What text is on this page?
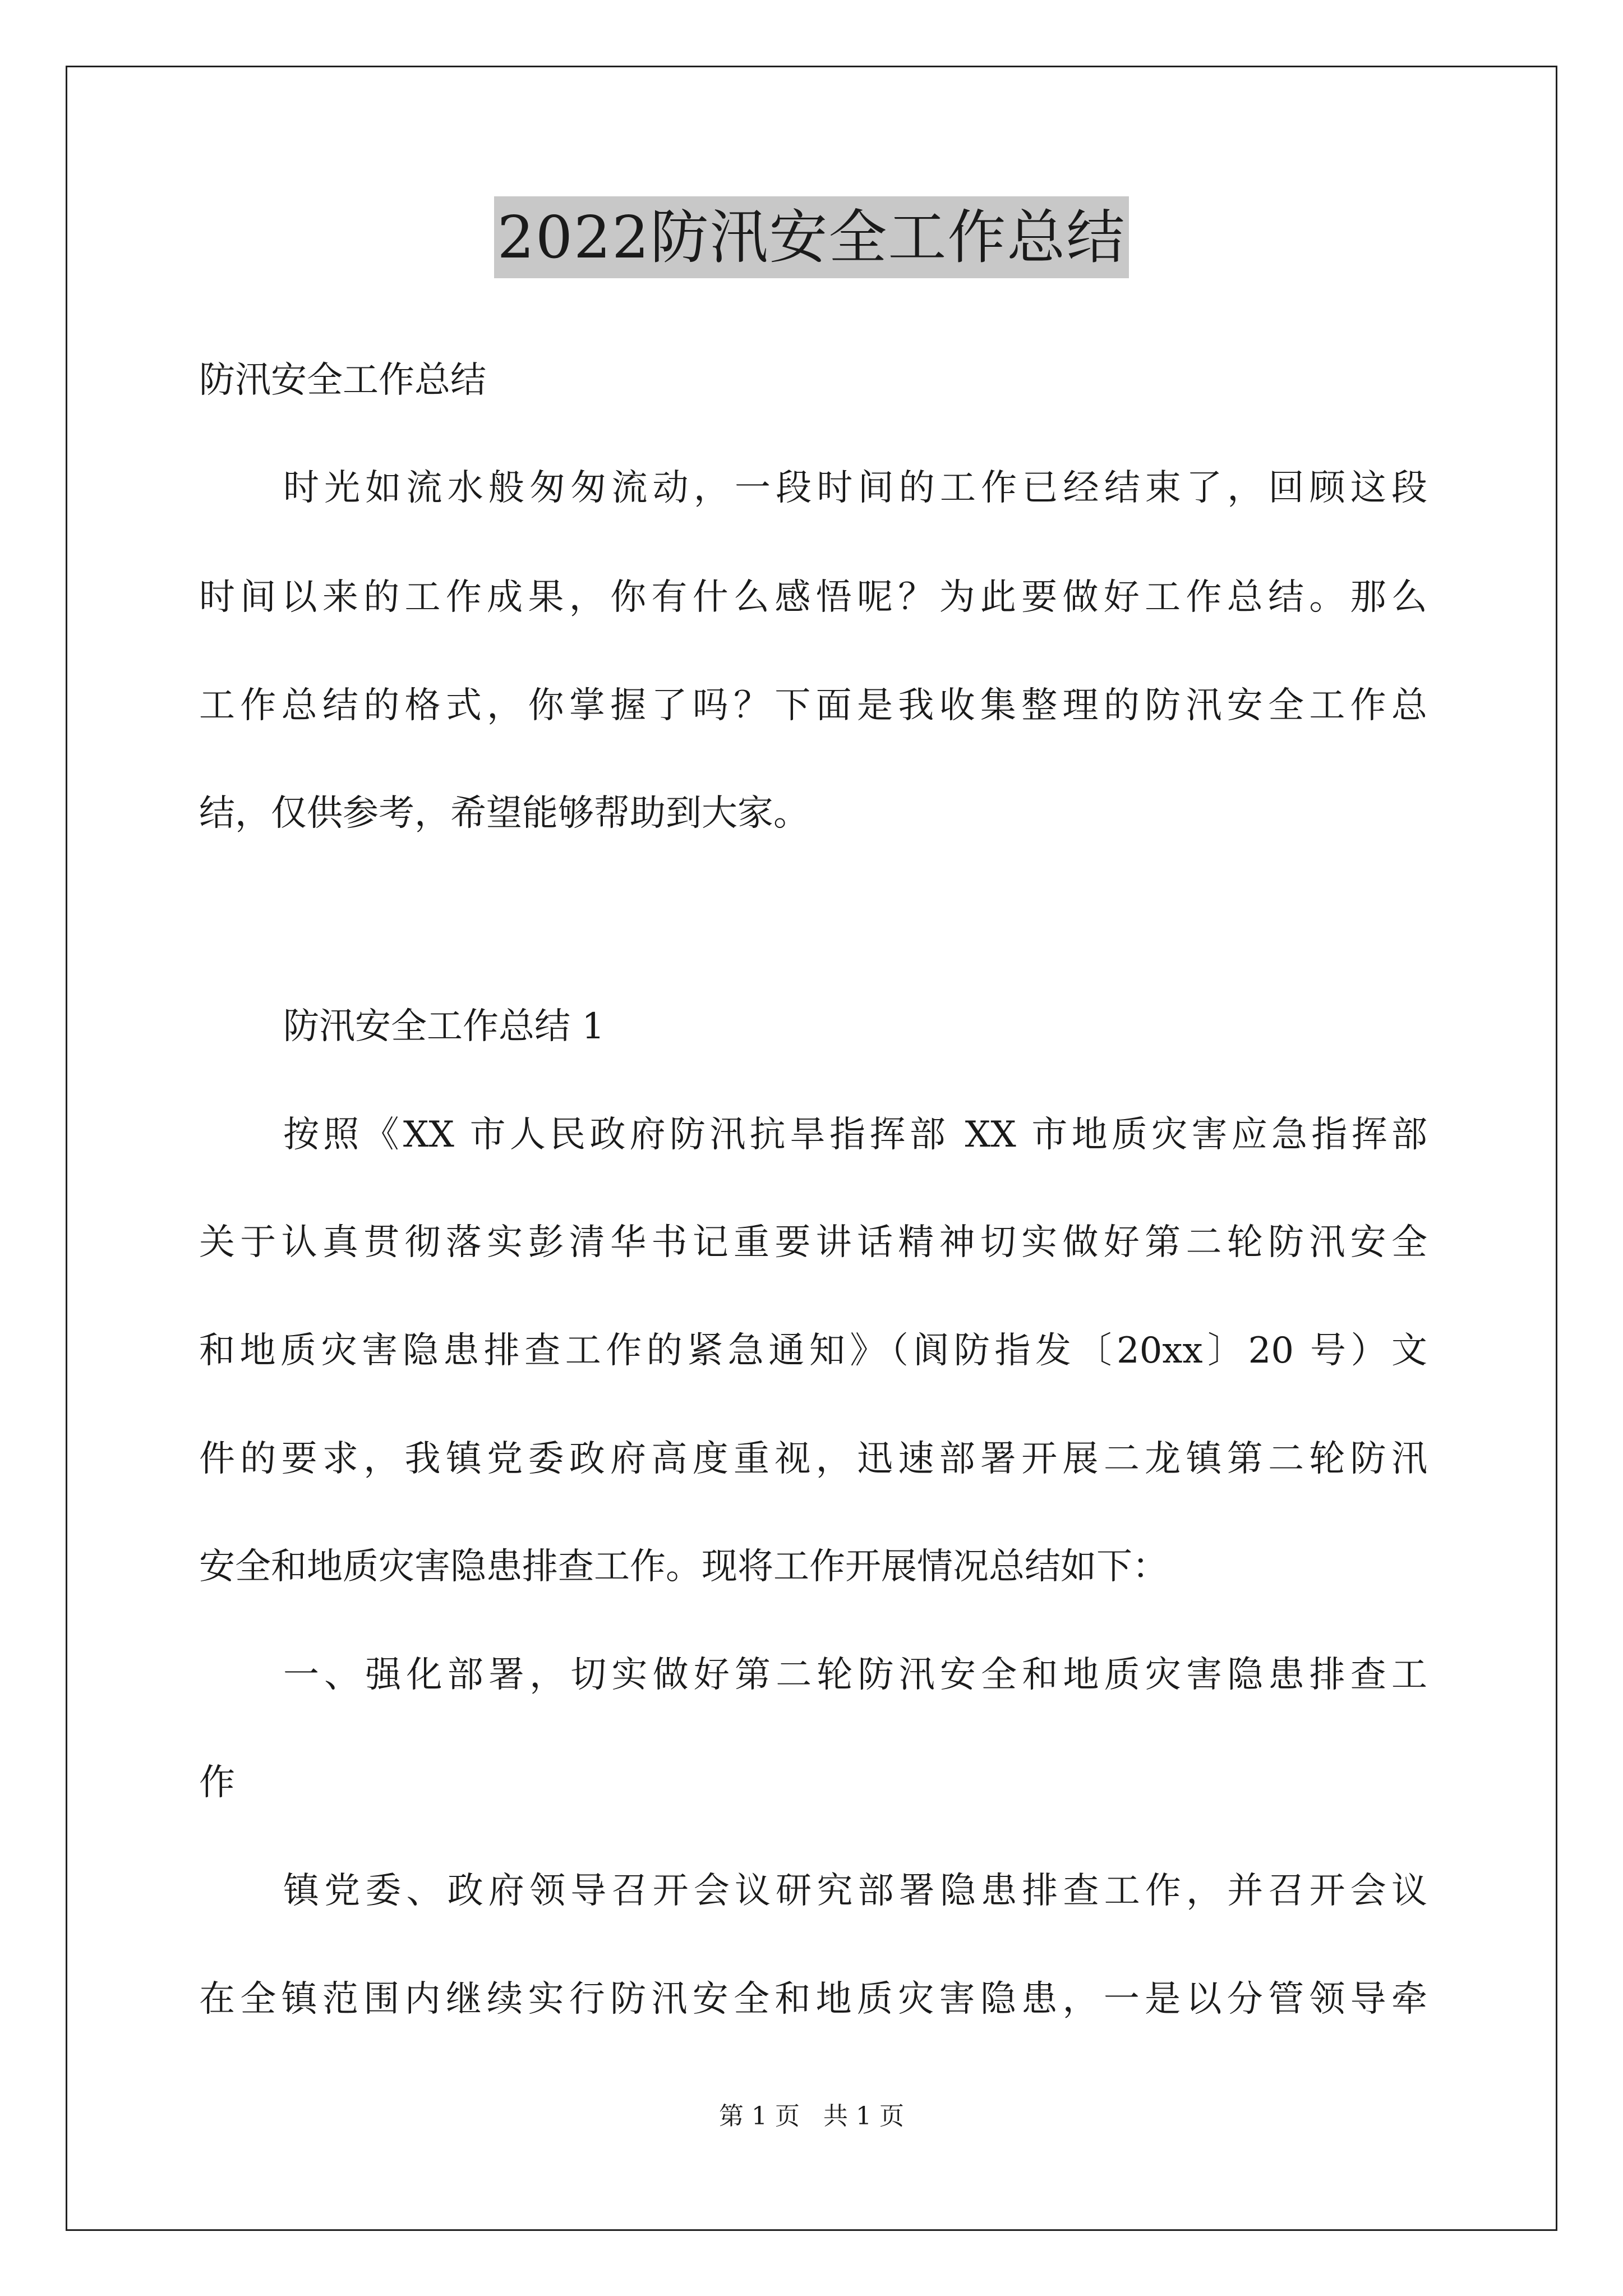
2022防汛安全工作总结
防汛安全工作总结
时光如流水般匆匆流动，一段时间的工作已经结束了，回顾这段
时间以来的工作成果，你有什么感悟呢？为此要做好工作总结。那么
工作总结的格式，你掌握了吗？下面是我收集整理的防汛安全工作总
结，仅供参考，希望能够帮助到大家。
防汛安全工作总结 1
按照《XX 市人民政府防汛抗旱指挥部 XX 市地质灾害应急指挥部
关于认真贯彻落实彭清华书记重要讲话精神切实做好第二轮防汛安全
和地质灾害隐患排查工作的紧急通知》（阆防指发〔20xx〕20 号）文
件的要求，我镇党委政府高度重视，迅速部署开展二龙镇第二轮防汛
安全和地质灾害隐患排查工作。现将工作开展情况总结如下：
一、强化部署，切实做好第二轮防汛安全和地质灾害隐患排查工
作
镇党委、政府领导召开会议研究部署隐患排查工作，并召开会议
在全镇范围内继续实行防汛安全和地质灾害隐患，一是以分管领导牵
第 1 页   共 1 页
